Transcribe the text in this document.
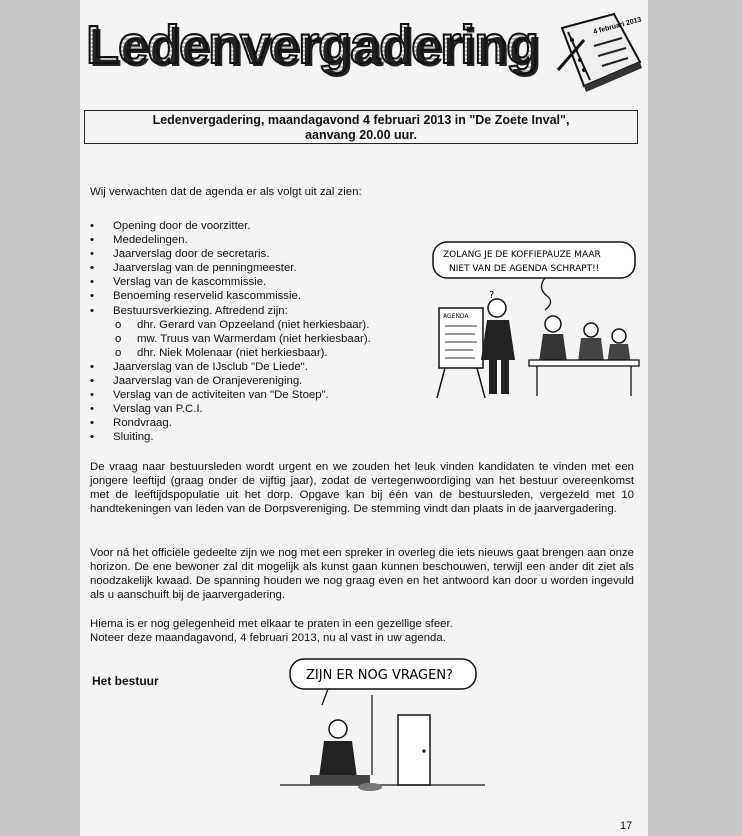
Ledenvergadering	4 februari 2013
Ledenvergadering, maandagavond 4 februari 2013 in "De Zoete Inval",
aanvang 20.00 uur.
Wij verwachten dat de agenda er als volgt uit zal zien:
• Opening door de voorzitter.
• Mededelingen.
• Jaarverslag door de secretaris.
• Jaarverslag van de penningmeester.
• Verslag van de kascommissie.
• Benoeming reservelid kascommissie.
• Bestuursverkiezing. Aftredend zijn:
o dhr. Gerard van Opzeeland (niet herkiesbaar).
o mw. Truus van Warmerdam (niet herkiesbaar).
o dhr. Niek Molenaar (niet herkiesbaar).
• Jaarverslag van de IJsclub "De Liede".
• Jaarverslag van de Oranjevereniging.
• Verslag van de activiteiten van "De Stoep".
• Verslag van P.C.I.
• Rondvraag.
• Sluiting.
ZOLANG JE DE KOFFIEPAUZE MAAR
NIET VAN DE AGENDA SCHRAPT!!
AGENDA
?

De vraag naar bestuursleden wordt urgent en we zouden het leuk vinden kandidaten te vinden met een jongere leeftijd (graag onder de vijftig jaar), zodat de vertegenwoordiging van het bestuur overeenkomst met de leeftijdspopulatie uit het dorp. Opgave kan bij één van de bestuursleden, vergezeld met 10 handtekeningen van leden van de Dorpsvereniging. De stemming vindt dan plaats in de jaarvergadering.

Voor ná het officiële gedeelte zijn we nog met een spreker in overleg die iets nieuws gaat brengen aan onze horizon. De ene bewoner zal dit mogelijk als kunst gaan kunnen beschouwen, terwijl een ander dit ziet als noodzakelijk kwaad. De spanning houden we nog graag even en het antwoord kan door u worden ingevuld als u aanschuift bij de jaarvergadering.

Hiema is er nog gelegenheid met elkaar te praten in een gezellige sfeer.

Noteer deze maandagavond, 4 februari 2013, nu al vast in uw agenda.

Het bestuur	ZIJN ER NOG VRAGEN?
17
